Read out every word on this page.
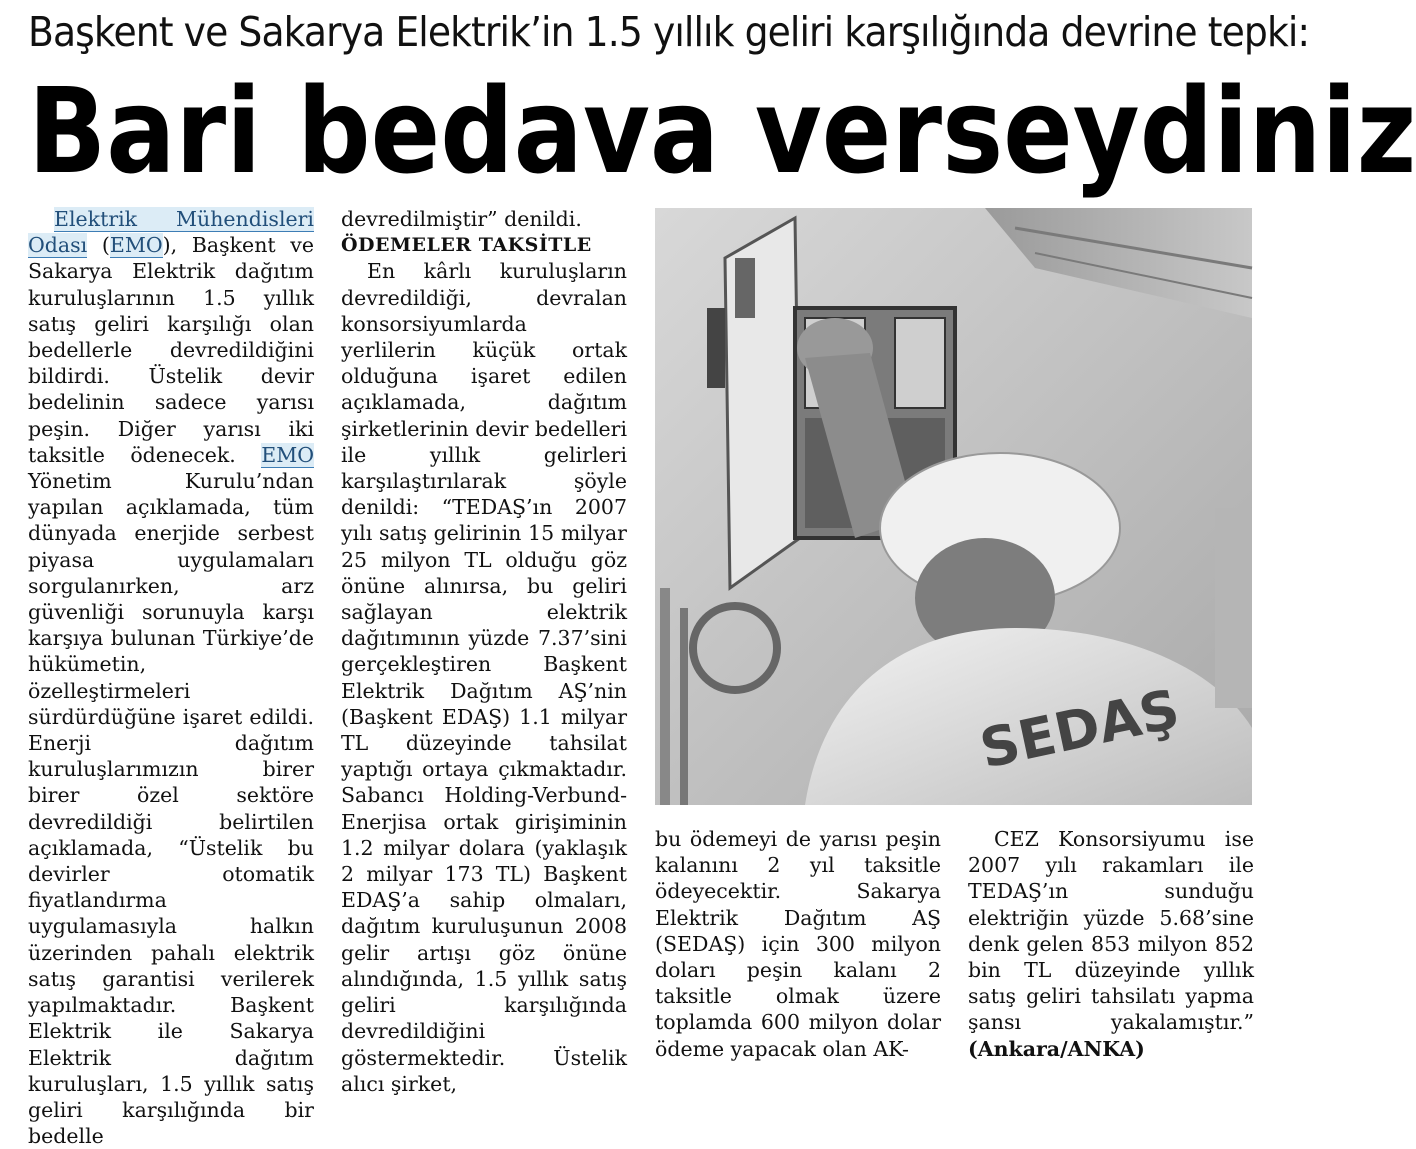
Başkent ve Sakarya Elektrik’in 1.5 yıllık geliri karşılığında devrine tepki:
Bari bedava verseydiniz

Elektrik Mühendisleri Odası (EMO), Başkent ve Sakarya Elektrik dağıtım kuruluşlarının 1.5 yıllık satış geliri karşılığı olan bedellerle devredildiğini bildirdi. Üstelik devir bedelinin sadece yarısı peşin. Diğer yarısı iki taksitle ödenecek. EMO Yönetim Kurulu’ndan yapılan açıklamada, tüm dünyada enerjide serbest piyasa uygulamaları sorgulanırken, arz güvenliği sorunuyla karşı karşıya bulunan Türkiye’de hükümetin, özelleştirmeleri sürdürdüğüne işaret edildi. Enerji dağıtım kuruluşlarımızın birer birer özel sektöre devredildiği belirtilen açıklamada, “Üstelik bu devirler otomatik fiyatlandırma uygulamasıyla halkın üzerinden pahalı elektrik satış garantisi verilerek yapılmaktadır. Başkent Elektrik ile Sakarya Elektrik dağıtım kuruluşları, 1.5 yıllık satış geliri karşılığında bir bedelle

devredilmiştir” denildi.

ÖDEMELER TAKSİTLE

En kârlı kuruluşların devredildiği, devralan konsorsiyumlarda yerlilerin küçük ortak olduğuna işaret edilen açıklamada, dağıtım şirketlerinin devir bedelleri ile yıllık gelirleri karşılaştırılarak şöyle denildi: “TEDAŞ’ın 2007 yılı satış gelirinin 15 milyar 25 milyon TL olduğu göz önüne alınırsa, bu geliri sağlayan elektrik dağıtımının yüzde 7.37’sini gerçekleştiren Başkent Elektrik Dağıtım AŞ’nin (Başkent EDAŞ) 1.1 milyar TL düzeyinde tahsilat yaptığı ortaya çıkmaktadır. Sabancı Holding-Verbund-Enerjisa ortak girişiminin 1.2 milyar dolara (yaklaşık 2 milyar 173 TL) Başkent EDAŞ’a sahip olmaları, dağıtım kuruluşunun 2008 gelir artışı göz önüne alındığında, 1.5 yıllık satış geliri karşılığında devredildiğini göstermektedir. Üstelik alıcı şirket,

SEDAŞ

bu ödemeyi de yarısı peşin kalanını 2 yıl taksitle ödeyecektir. Sakarya Elektrik Dağıtım AŞ (SEDAŞ) için 300 milyon doları peşin kalanı 2 taksitle olmak üzere toplamda 600 milyon dolar ödeme yapacak olan AK-

CEZ Konsorsiyumu ise 2007 yılı rakamları ile TEDAŞ’ın sunduğu elektriğin yüzde 5.68’sine denk gelen 853 milyon 852 bin TL düzeyinde yıllık satış geliri tahsilatı yapma şansı yakalamıştır.” (Ankara/ANKA)
